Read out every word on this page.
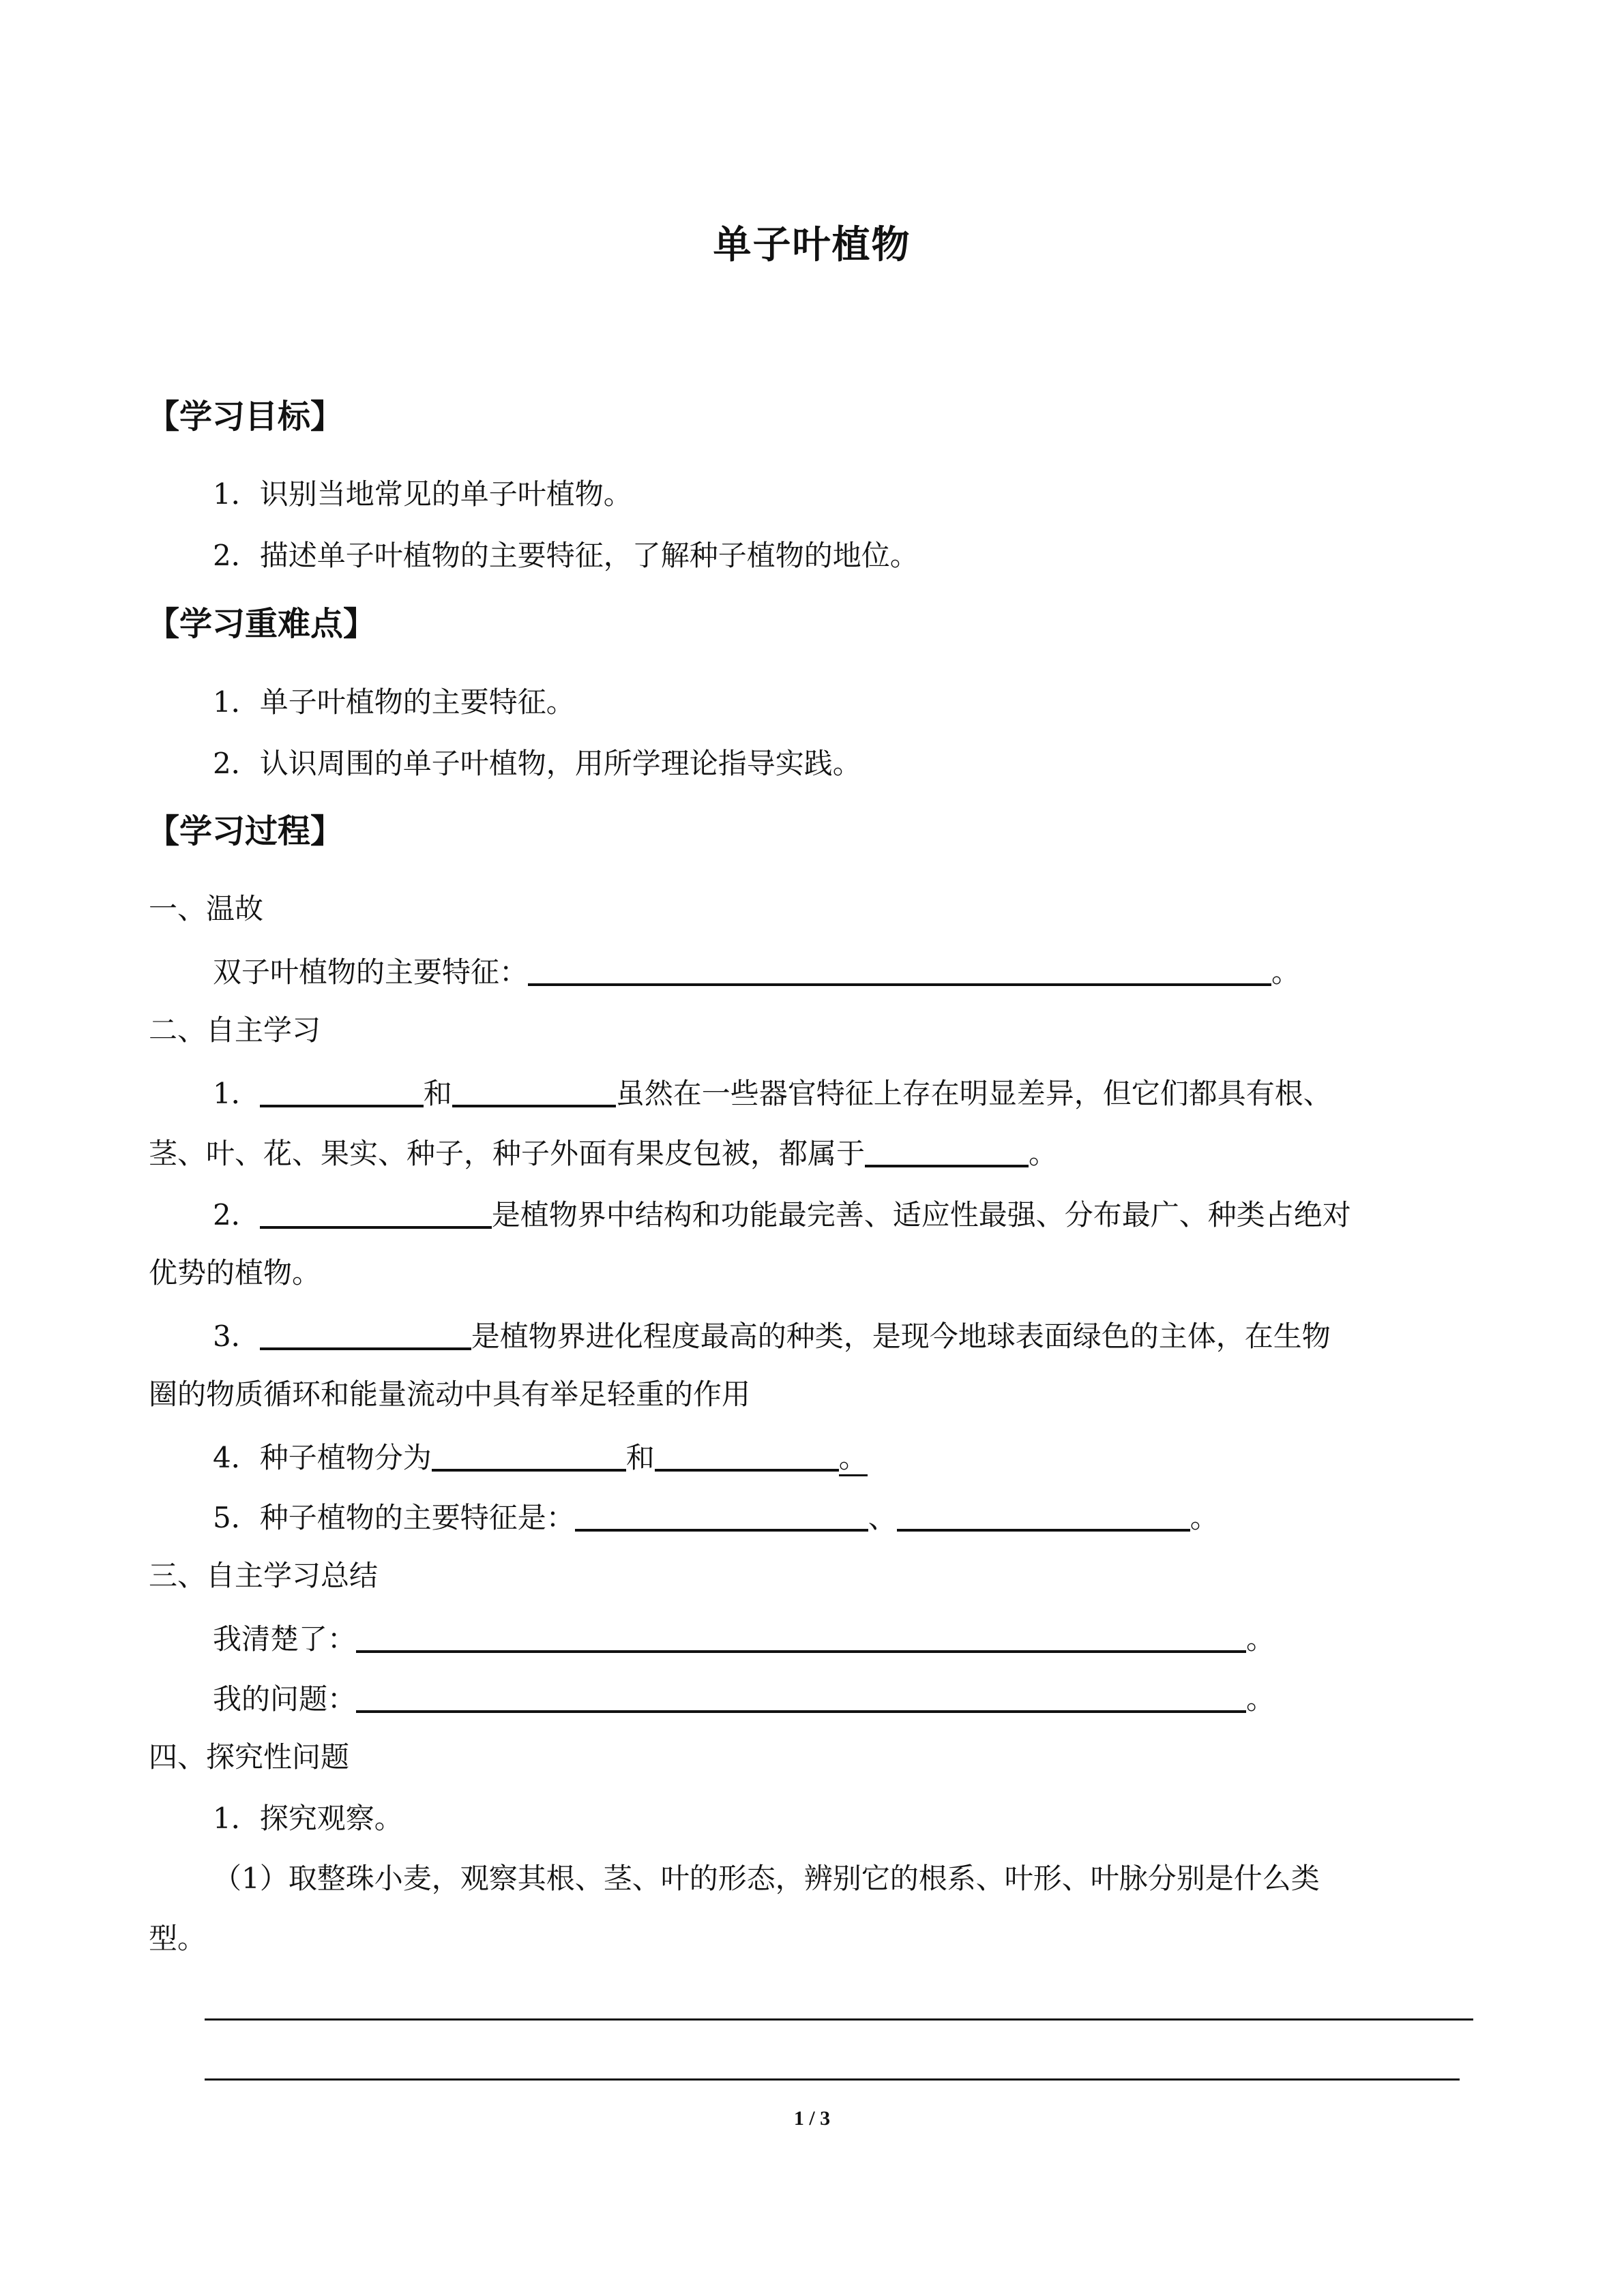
单子叶植物
【学习目标】
1．识别当地常见的单子叶植物。
2．描述单子叶植物的主要特征，了解种子植物的地位。
【学习重难点】
1．单子叶植物的主要特征。
2．认识周围的单子叶植物，用所学理论指导实践。
【学习过程】
一、温故
双子叶植物的主要特征：	。
二、自主学习
1．	和	虽然在一些器官特征上存在明显差异，但它们都具有根、
茎、叶、花、果实、种子，种子外面有果皮包被，都属于	。
2．	是植物界中结构和功能最完善、适应性最强、分布最广、种类占绝对
优势的植物。
3．	是植物界进化程度最高的种类，是现今地球表面绿色的主体，在生物
圈的物质循环和能量流动中具有举足轻重的作用
4．种子植物分为	和	。
5．种子植物的主要特征是：	、	。
三、自主学习总结
我清楚了：	。
我的问题：	。
四、探究性问题
1．探究观察。
（1）取整珠小麦，观察其根、茎、叶的形态，辨别它的根系、叶形、叶脉分别是什么类
型。
1 / 3
